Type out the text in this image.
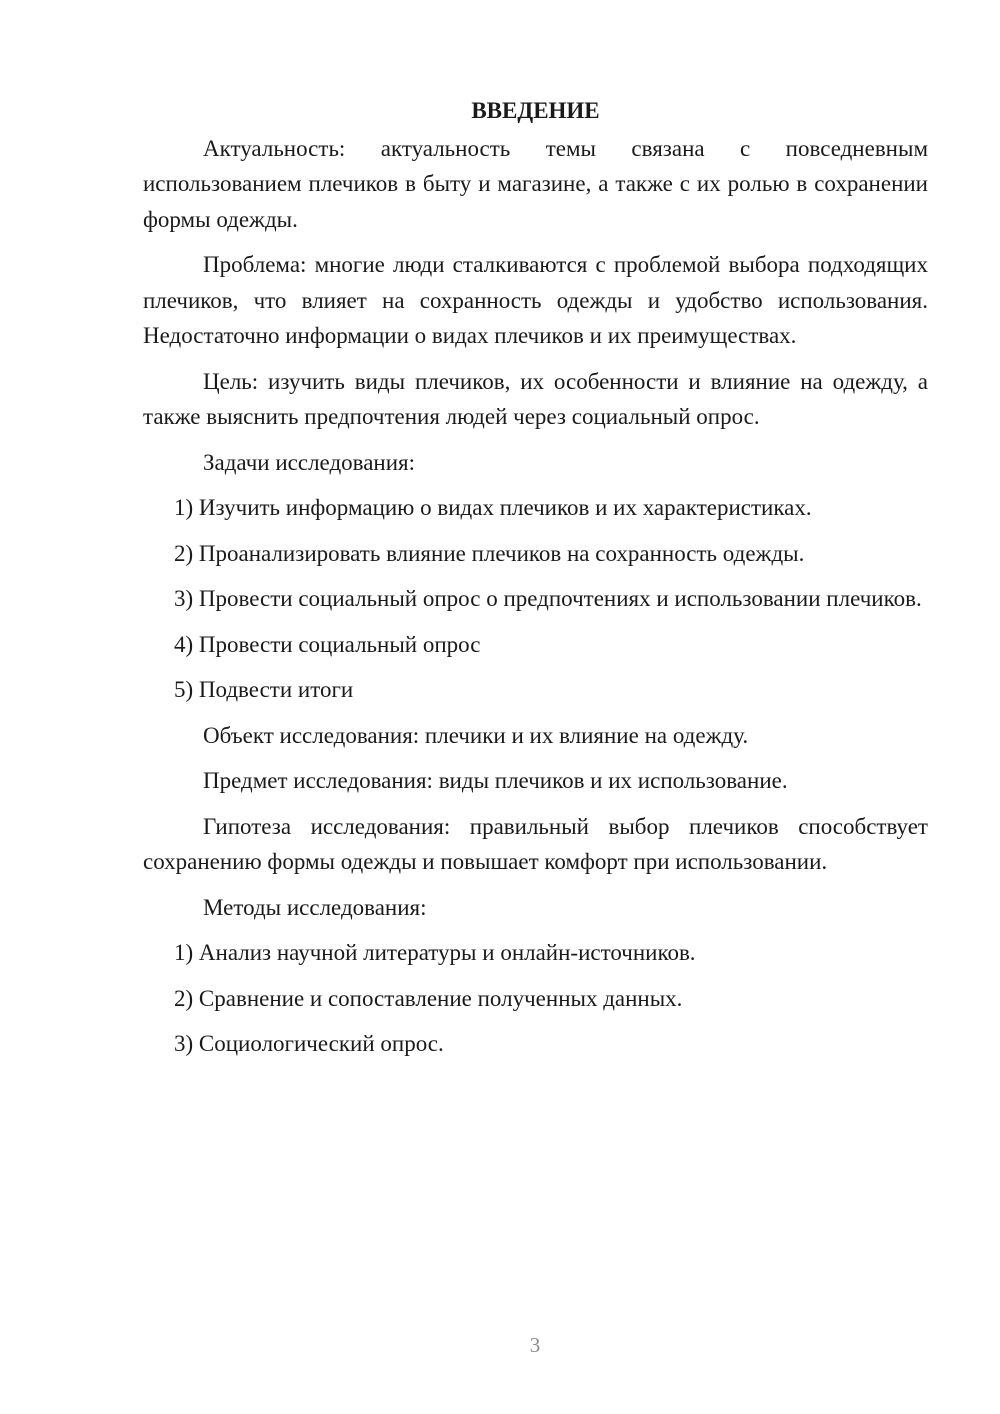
ВВЕДЕНИЕ

Актуальность: актуальность темы связана с повседневным использованием плечиков в быту и магазине, а также с их ролью в сохранении формы одежды.

Проблема: многие люди сталкиваются с проблемой выбора подходящих плечиков, что влияет на сохранность одежды и удобство использования. Недостаточно информации о видах плечиков и их преимуществах.

Цель: изучить виды плечиков, их особенности и влияние на одежду, а также выяснить предпочтения людей через социальный опрос.

Задачи исследования:

1) Изучить информацию о видах плечиков и их характеристиках.

2) Проанализировать влияние плечиков на сохранность одежды.

3) Провести социальный опрос о предпочтениях и использовании плечиков.

4) Провести социальный опрос

5) Подвести итоги

Объект исследования: плечики и их влияние на одежду.

Предмет исследования: виды плечиков и их использование.

Гипотеза исследования: правильный выбор плечиков способствует сохранению формы одежды и повышает комфорт при использовании.

Методы исследования:

1) Анализ научной литературы и онлайн-источников.

2) Сравнение и сопоставление полученных данных.

3) Социологический опрос.

3
